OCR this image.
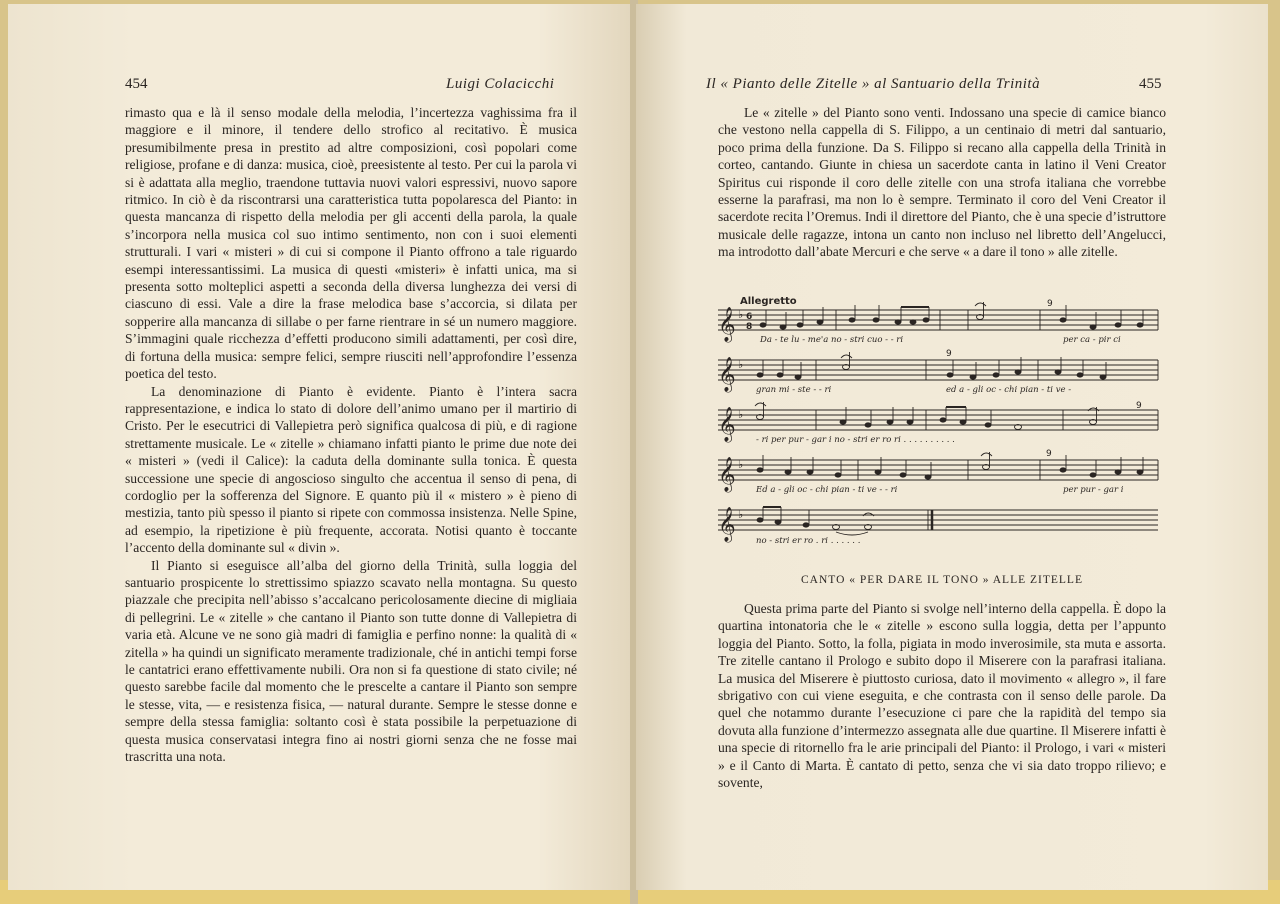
454	Luigi Colacicchi

rimasto qua e là il senso modale della melodia, l’incertezza vaghissima fra il maggiore e il minore, il tendere dello strofico al recitativo. È musica presumibilmente presa in prestito ad altre composizioni, così popolari come religiose, profane e di danza: musica, cioè, preesistente al testo. Per cui la parola vi si è adattata alla meglio, traendone tuttavia nuovi valori espressivi, nuovo sapore ritmico. In ciò è da riscontrarsi una caratteristica tutta popolaresca del Pianto: in questa mancanza di rispetto della melodia per gli accenti della parola, la quale s’incorpora nella musica col suo intimo sentimento, non con i suoi elementi strutturali. I vari « misteri » di cui si compone il Pianto offrono a tale riguardo esempi interessantissimi. La musica di questi «misteri» è infatti unica, ma si presenta sotto molteplici aspetti a seconda della diversa lunghezza dei versi di ciascuno di essi. Vale a dire la frase melodica base s’accorcia, si dilata per sopperire alla mancanza di sillabe o per farne rientrare in sé un numero maggiore. S’immagini quale ricchezza d’effetti producono simili adattamenti, per così dire, di fortuna della musica: sempre felici, sempre riusciti nell’approfondire l’essenza poetica del testo.

La denominazione di Pianto è evidente. Pianto è l’intera sacra rappresentazione, e indica lo stato di dolore dell’animo umano per il martirio di Cristo. Per le esecutrici di Vallepietra però significa qualcosa di più, e di ragione strettamente musicale. Le « zitelle » chiamano infatti pianto le prime due note dei « misteri » (vedi il Calice): la caduta della dominante sulla tonica. È questa successione une specie di angoscioso singulto che accentua il senso di pena, di cordoglio per la sofferenza del Signore. E quanto più il « mistero » è pieno di mestizia, tanto più spesso il pianto si ripete con commossa insistenza. Nelle Spine, ad esempio, la ripetizione è più frequente, accorata. Notisi quanto è toccante l’accento della dominante sul « divin ».

Il Pianto si eseguisce all’alba del giorno della Trinità, sulla loggia del santuario prospicente lo strettissimo spiazzo scavato nella montagna. Su questo piazzale che precipita nell’abisso s’accalcano pericolosamente diecine di migliaia di pellegrini. Le « zitelle » che cantano il Pianto son tutte donne di Vallepietra di varia età. Alcune ve ne sono già madri di famiglia e perfino nonne: la qualità di « zitella » ha quindi un significato meramente tradizionale, ché in antichi tempi forse le cantatrici erano effettivamente nubili. Ora non si fa questione di stato civile; né questo sarebbe facile dal momento che le prescelte a cantare il Pianto son sempre le stesse, vita, — e resistenza fisica, — natural durante. Sempre le stesse donne e sempre della stessa famiglia: soltanto così è stata possibile la perpetuazione di questa musica conservatasi integra fino ai nostri giorni senza che ne fosse mai trascritta una nota.

Il « Pianto delle Zitelle » al Santuario della Trinità	455

Le « zitelle » del Pianto sono venti. Indossano una specie di camice bianco che vestono nella cappella di S. Filippo, a un centinaio di metri dal santuario, poco prima della funzione. Da S. Filippo si recano alla cappella della Trinità in corteo, cantando. Giunte in chiesa un sacerdote canta in latino il Veni Creator Spiritus cui risponde il coro delle zitelle con una strofa italiana che vorrebbe esserne la parafrasi, ma non lo è sempre. Terminato il coro del Veni Creator il sacerdote recita l’Oremus. Indi il direttore del Pianto, che è una specie d’istruttore musicale delle ragazze, intona un canto non incluso nel libretto dell’Angelucci, ma introdotto dall’abate Mercuri e che serve « a dare il tono » alle zitelle.

Allegretto
𝄞
𝄞
𝄞
𝄞
𝄞
♭
♭
♭
♭
♭
6
8
9
9
9
9
Da - te lu - me'a no - stri cuo - - ri	per ca - pir ci
gran mi - ste - - ri	ed a - gli oc - chi pian - ti ve -
- ri per pur - gar i no - stri er ro ri . . . . . . . . . .
Ed a - gli oc - chi pian - ti ve - - ri	per pur - gar i
no - stri er ro . ri . . . . . .
CANTO « PER DARE IL TONO » ALLE ZITELLE

Questa prima parte del Pianto si svolge nell’interno della cappella. È dopo la quartina intonatoria che le « zitelle » escono sulla loggia, detta per l’appunto loggia del Pianto. Sotto, la folla, pigiata in modo inverosimile, sta muta e assorta. Tre zitelle cantano il Prologo e subito dopo il Miserere con la parafrasi italiana. La musica del Miserere è piuttosto curiosa, dato il movimento « allegro », il fare sbrigativo con cui viene eseguita, e che contrasta con il senso delle parole. Da quel che notammo durante l’esecuzione ci pare che la rapidità del tempo sia dovuta alla funzione d’intermezzo assegnata alle due quartine. Il Miserere infatti è una specie di ritornello fra le arie principali del Pianto: il Prologo, i vari « misteri » e il Canto di Marta. È cantato di petto, senza che vi sia dato troppo rilievo; e sovente,
